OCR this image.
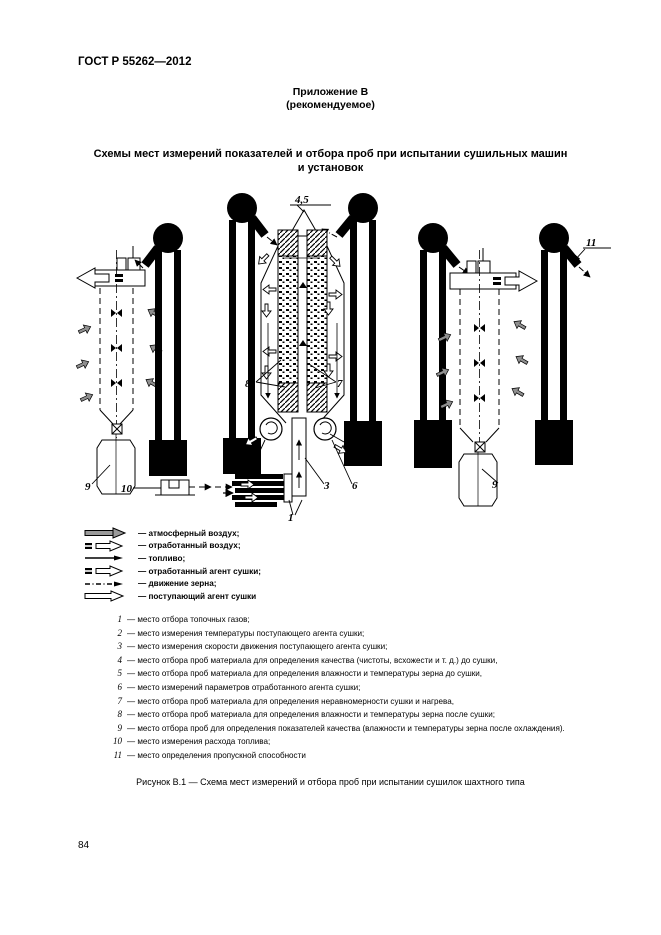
ГОСТ Р 55262—2012
Приложение В
(рекомендуемое)
Схемы мест измерений показателей и отбора проб при испытании сушильных машин
и установок
4,5
8	7
2
6
3 6
1
9	10	9
11
— атмосферный воздух;
— отработанный воздух;
— топливо;
— отработанный агент сушки;
— движение зерна;
— поступающий агент сушки
1 — место отбора топочных газов;
2 — место измерения температуры поступающего агента сушки;
3 — место измерения скорости движения поступающего агента сушки;
4 — место отбора проб материала для определения качества (чистоты, всхожести и т. д.) до сушки,
5 — место отбора проб материала для определения влажности и температуры зерна до сушки,
6 — место измерений параметров отработанного агента сушки;
7 — место отбора проб материала для определения неравномерности сушки и нагрева,
8 — место отбора проб материала для определения влажности и температуры зерна после сушки;
9 — место отбора проб для определения показателей качества (влажности и температуры зерна после охлаждения).
10 — место измерения расхода топлива;
11 — место определения пропускной способности
Рисунок В.1 — Схема мест измерений и отбора проб при испытании сушилок шахтного типа
84
